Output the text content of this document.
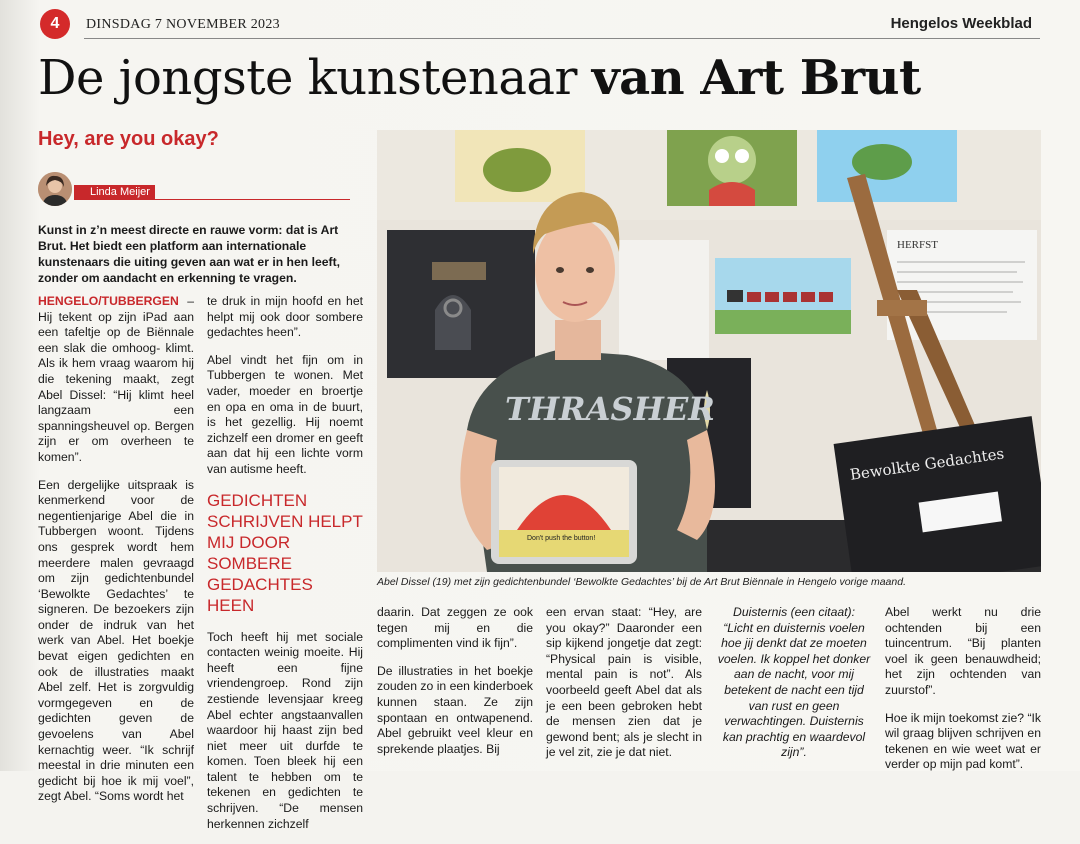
4	DINSDAG 7 NOVEMBER 2023	Hengelos Weekblad
De jongste kunstenaar van Art Brut
Hey, are you okay?
Linda Meijer
Kunst in z’n meest directe en rauwe vorm: dat is Art Brut. Het biedt een platform aan internationale kunstenaars die uiting geven aan wat er in hen leeft, zonder om aandacht en erkenning te vragen.

HENGELO/TUBBERGEN – Hij tekent op zijn iPad aan een tafeltje op de Biënnale een slak die omhoog- klimt. Als ik hem vraag waarom hij die tekening maakt, zegt Abel Dissel: “Hij klimt heel langzaam een spanningsheuvel op. Bergen zijn er om overheen te komen”.

Een dergelijke uitspraak is kenmerkend voor de negentienjarige Abel die in Tubbergen woont. Tijdens ons gesprek wordt hem meerdere malen gevraagd om zijn gedichtenbundel ‘Bewolkte Gedachtes’ te signeren. De bezoekers zijn onder de indruk van het werk van Abel. Het boekje bevat eigen gedichten en ook de illustraties maakt Abel zelf. Het is zorgvuldig vormgegeven en de gedichten geven de gevoelens van Abel kernachtig weer. “Ik schrijf meestal in drie minuten een gedicht bij hoe ik mij voel”, zegt Abel. “Soms wordt het

te druk in mijn hoofd en het helpt mij ook door sombere gedachtes heen”.

Abel vindt het fijn om in Tubbergen te wonen. Met vader, moeder en broertje en opa en oma in de buurt, is het gezellig. Hij noemt zichzelf een dromer en geeft aan dat hij een lichte vorm van autisme heeft.

GEDICHTEN SCHRIJVEN HELPT MIJ DOOR SOMBERE GEDACHTES HEEN

Toch heeft hij met sociale contacten weinig moeite. Hij heeft een fijne vriendengroep. Rond zijn zestiende levensjaar kreeg Abel echter angstaanvallen waardoor hij haast zijn bed niet meer uit durfde te komen. Toen bleek hij een talent te hebben om te tekenen en gedichten te schrijven. “De mensen herkennen zichzelf

HERFST
THRASHER
Don't push the button!
Bewolkte Gedachtes
Abel Dissel (19) met zijn gedichtenbundel ‘Bewolkte Gedachtes’ bij de Art Brut Biënnale in Hengelo vorige maand.

daarin. Dat zeggen ze ook tegen mij en die complimenten vind ik fijn”.

De illustraties in het boekje zouden zo in een kinderboek kunnen staan. Ze zijn spontaan en ontwapenend. Abel gebruikt veel kleur en sprekende plaatjes. Bij

een ervan staat: “Hey, are you okay?” Daaronder een sip kijkend jongetje dat zegt: “Physical pain is visible, mental pain is not”. Als voorbeeld geeft Abel dat als je een been gebroken hebt de mensen zien dat je gewond bent; als je slecht in je vel zit, zie je dat niet.

Duisternis (een citaat):

“Licht en duisternis voelen hoe jij denkt dat ze moeten voelen. Ik koppel het donker aan de nacht, voor mij betekent de nacht een tijd van rust en geen verwachtingen. Duisternis kan prachtig en waardevol zijn”.

Abel werkt nu drie ochtenden bij een tuincentrum. “Bij planten voel ik geen benauwdheid; het zijn ochtenden van zuurstof”.

Hoe ik mijn toekomst zie? “Ik wil graag blijven schrijven en tekenen en wie weet wat er verder op mijn pad komt”.
